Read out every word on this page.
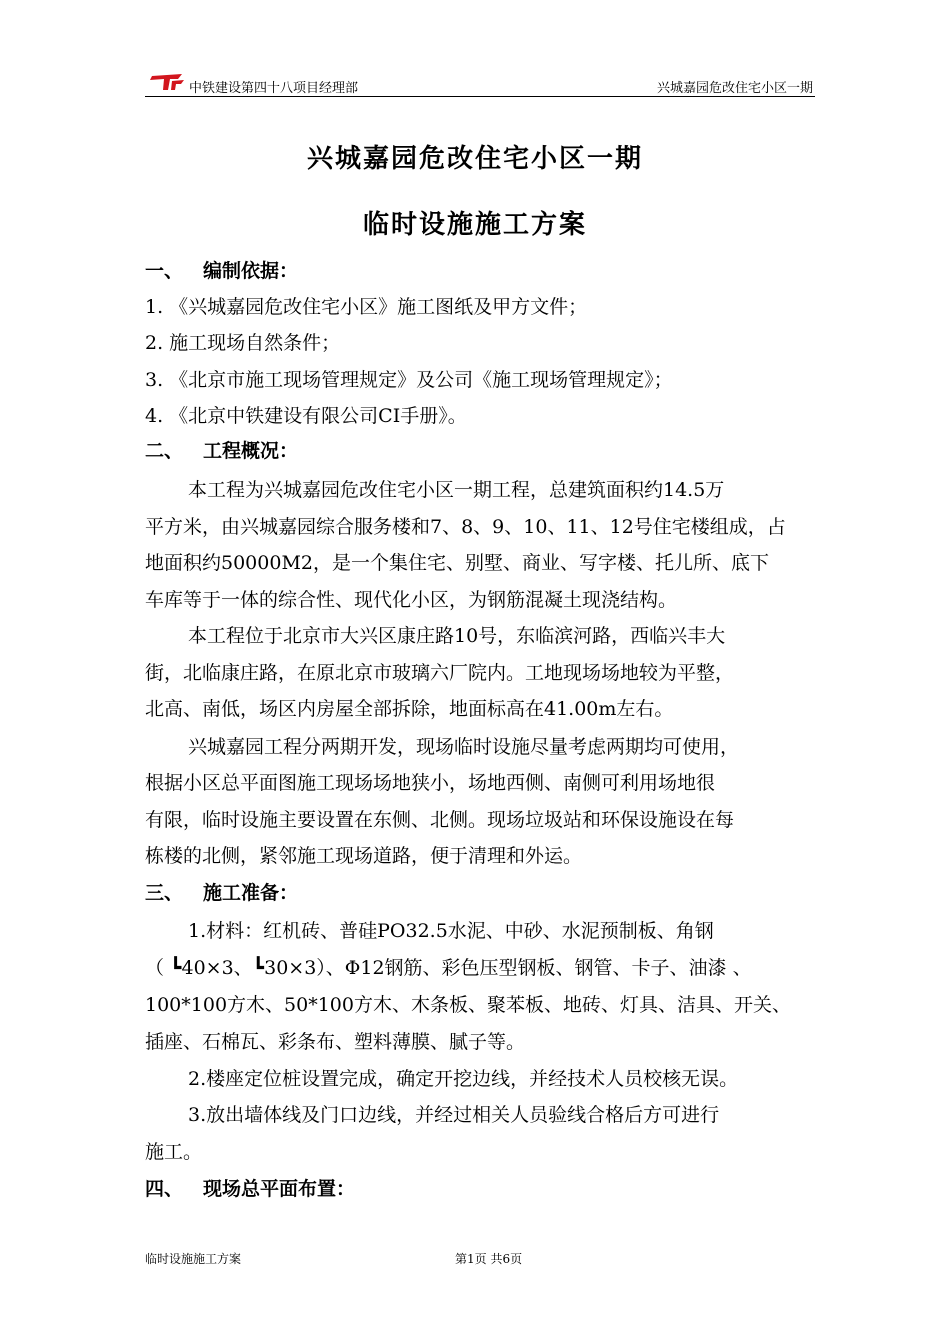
中铁建设第四十八项目经理部	兴城嘉园危改住宅小区一期
兴城嘉园危改住宅小区一期
临时设施施工方案
一、 编制依据：
1. 《兴城嘉园危改住宅小区》施工图纸及甲方文件；
2. 施工现场自然条件；
3. 《北京市施工现场管理规定》及公司《施工现场管理规定》；
4. 《北京中铁建设有限公司CI手册》。
二、 工程概况：
本工程为兴城嘉园危改住宅小区一期工程，总建筑面积约14.5万
平方米，由兴城嘉园综合服务楼和7、8、9、10、11、12号住宅楼组成，占
地面积约50000M2，是一个集住宅、别墅、商业、写字楼、托儿所、底下
车库等于一体的综合性、现代化小区，为钢筋混凝土现浇结构。
本工程位于北京市大兴区康庄路10号，东临滨河路，西临兴丰大
街，北临康庄路，在原北京市玻璃六厂院内。工地现场场地较为平整，
北高、南低，场区内房屋全部拆除，地面标高在41.00m左右。
兴城嘉园工程分两期开发，现场临时设施尽量考虑两期均可使用，
根据小区总平面图施工现场场地狭小，场地西侧、南侧可利用场地很
有限，临时设施主要设置在东侧、北侧。现场垃圾站和环保设施设在每
栋楼的北侧，紧邻施工现场道路，便于清理和外运。
三、 施工准备：
1.材料：红机砖、普硅PO32.5水泥、中砂、水泥预制板、角钢
（ ┗40×3、┗30×3）、Φ12钢筋、彩色压型钢板、钢管、卡子、油漆 、
100*100方木、50*100方木、木条板、聚苯板、地砖、灯具、洁具、开关、
插座、石棉瓦、彩条布、塑料薄膜、腻子等。
2.楼座定位桩设置完成，确定开挖边线，并经技术人员校核无误。
3.放出墙体线及门口边线，并经过相关人员验线合格后方可进行
施工。
四、 现场总平面布置：
临时设施施工方案	第1页 共6页
